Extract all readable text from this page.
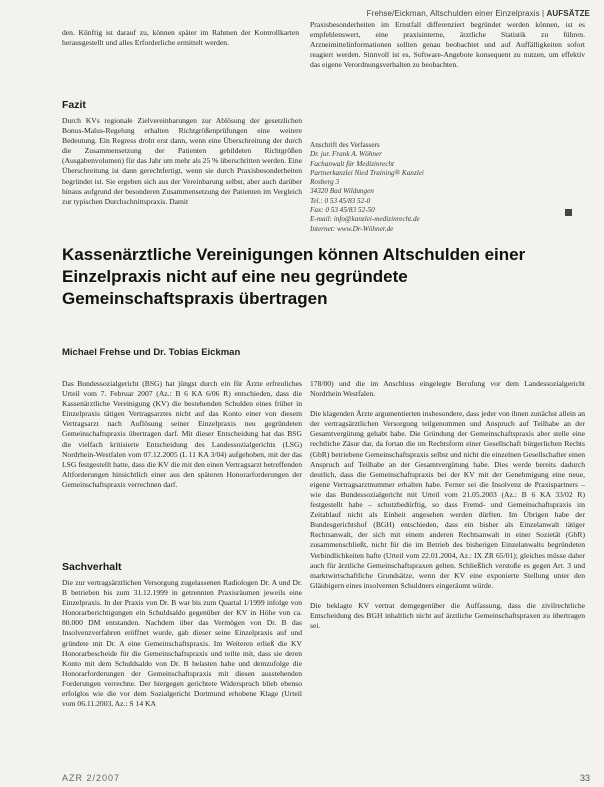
Frehse/Eickman, Altschulden einer Einzelpraxis | AUFSÄTZE

den. Künftig ist darauf zu, können später im Rahmen der Kontrollkarten herausgestellt und alles Erforderliche ermittelt werden.

Fazit

Durch KVs regionale Zielvereinbarungen zur Ablösung der gesetzlichen Bonus-Malus-Regelung erhalten Richtgrößenprüfungen eine weitere Bedeutung. Ein Regress droht erst dann, wenn eine Überschreitung der durch die Zusammensetzung der Patienten gebildeten Richtgrößen (Ausgabenvolumen) für das Jahr um mehr als 25 % überschritten werden. Eine Überschreitung ist dann gerechtfertigt, wenn sie durch Praxisbesonderheiten begründet ist. Sie ergeben sich aus der Vereinbarung selbst, aber auch darüber hinaus aufgrund der besonderen Zusammensetzung der Patienten im Vergleich zur typischen Durchschnittspraxis. Damit

Praxisbesonderheiten im Ernstfall differenziert begründet werden können, ist es empfehlenswert, eine praxisinterne, ärztliche Statistik zu führen. Arzneimittelinformationen sollten genau beobachtet und auf Auffälligkeiten sofort reagiert werden. Sinnvoll ist es, Software-Angebote konsequent zu nutzen, um effektiv das eigene Verordnungsverhalten zu beobachten.

Anschrift des Verfassers
Dr. jur. Frank A. Wöhner
Fachanwalt für Medizinrecht
Partnerkanzlei Nied Training® Kanzlei
Rosberg 3
34320 Bad Wildungen
Tel.: 0 53 45/83 52-0
Fax: 0 53 45/83 52-50
E-mail: info@kanzlei-medizinrecht.de
Internet: www.Dr-Wöhner.de
Kassenärztliche Vereinigungen können Altschulden einer Einzelpraxis nicht auf eine neu gegründete Gemeinschaftspraxis übertragen
Michael Frehse und Dr. Tobias Eickman

Das Bundessozialgericht (BSG) hat jüngst durch ein für Ärzte erfreuliches Urteil vom 7. Februar 2007 (Az.: B 6 KA 6/06 R) entschieden, dass die Kassenärztliche Vereinigung (KV) die bestehenden Schulden eines früher in Einzelpraxis tätigen Vertragsarztes nicht auf das Konto einer von diesem Vertragsarzt nach Auflösung seiner Einzelpraxis neu gegründeten Gemeinschaftspraxis übertragen darf. Mit dieser Entscheidung hat das BSG die vielfach kritisierte Entscheidung des Landessozialgerichts (LSG) Nordrhein-Westfalen vom 07.12.2005 (L 11 KA 3/04) aufgehoben, mit der das LSG festgestellt hatte, dass die KV die mit den einen Vertragsarzt betreffenden Altforderungen hinsichtlich einer aus den späteren Honorarforderungen der Gemeinschaftspraxis verrechnen darf.

Sachverhalt

Die zur vertragsärztlichen Versorgung zugelassenen Radiologen Dr. A und Dr. B betrieben bis zum 31.12.1999 in getrennten Praxisräumen jeweils eine Einzelpraxis. In der Praxis von Dr. B war bis zum Quartal 1/1999 infolge von Honorarberichtigungen ein Schuldsaldo gegenüber der KV in Höhe von ca. 80.000 DM entstanden. Nachdem über das Vermögen von Dr. B das Insolvenzverfahren eröffnet wurde, gab dieser seine Einzelpraxis auf und gründete mit Dr. A eine Gemeinschaftspraxis. Im Weiteren erließ die KV Honorarbescheide für die Gemeinschaftspraxis und teilte mit, dass sie deren Konto mit dem Schuldsaldo von Dr. B belasten habe und demzufolge die Honorarforderungen der Gemeinschaftspraxis mit diesen ausstehenden Forderungen verrechne. Der hiergegen gerichtete Widerspruch blieb ebenso erfolglos wie die vor dem Sozialgericht Dortmund erhobene Klage (Urteil vom 06.11.2003, Az.: S 14 KA

178/00) und die im Anschluss eingelegte Berufung vor dem Landessozialgericht Nordrhein Westfalen.

Die klagenden Ärzte argumentierten insbesondere, dass jeder von ihnen zunächst allein an der vertragsärztlichen Versorgung teilgenommen und Anspruch auf Teilhabe an der Gesamtvergütung gehabt habe. Die Gründung der Gemeinschaftspraxis aber stelle eine rechtliche Zäsur dar, da fortan die im Rechtsform einer Gesellschaft bürgerlichen Rechts (GbR) betriebene Gemeinschaftspraxis selbst und nicht die einzelnen Gesellschafter einen Anspruch auf Teilhabe an der Gesamtvergütung habe. Dies werde bereits dadurch deutlich, dass die Gemeinschaftspraxis bei der KV mit der Genehmigung eine neue, eigene Vertragsarztnummer erhalten habe. Ferner sei die Insolvenz de Praxispartners – wie das Bundessozialgericht mit Urteil vom 21.05.2003 (Az.: B 6 KA 33/02 R) festgestellt habe – schutzbedürftig, so dass Fremd- und Gemeinschaftspraxis im Zeitablauf nicht als Einheit angesehen werden dürften. Im Übrigen habe der Bundesgerichtshof (BGH) entschieden, dass ein bisher als Einzelanwalt tätiger Rechtsanwalt, der sich mit einem anderen Rechtsanwalt in einer Sozietät (GbR) zusammenschließt, nicht für die im Betrieb des bisherigen Einzelanwalts begründeten Verbindlichkeiten hafte (Urteil vom 22.01.2004, Az.: IX ZR 65/01); gleiches müsse daher auch für ärztliche Gemeinschaftspraxen gelten. Schließlich verstoße es gegen Art. 3 und marktwirtschaftliche Grundsätze, wenn der KV eine exponierte Stellung unter den Gläubigern eines insolventen Schuldners eingeräumt würde.

Die beklagte KV vertrat demgegenüber die Auffassung, dass die zivilrechtliche Entscheidung des BGH inhaltlich nicht auf ärztliche Gemeinschaftspraxen zu übertragen sei.

AZR 2/2007	33
